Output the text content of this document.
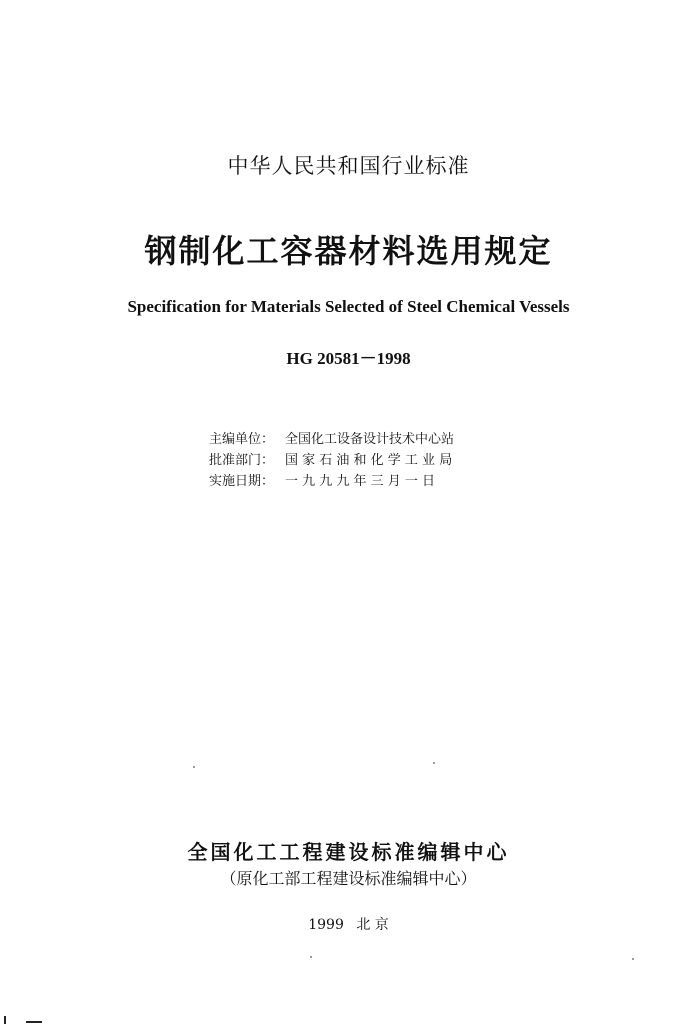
中华人民共和国行业标准
钢制化工容器材料选用规定
Specification for Materials Selected of Steel Chemical Vessels
HG 20581－1998
主编单位： 全国化工设备设计技术中心站
批准部门： 国 家 石 油 和 化 学 工 业 局
实施日期： 一 九 九 九 年 三 月 一 日
全国化工工程建设标准编辑中心
（原化工部工程建设标准编辑中心）
1999 北 京
